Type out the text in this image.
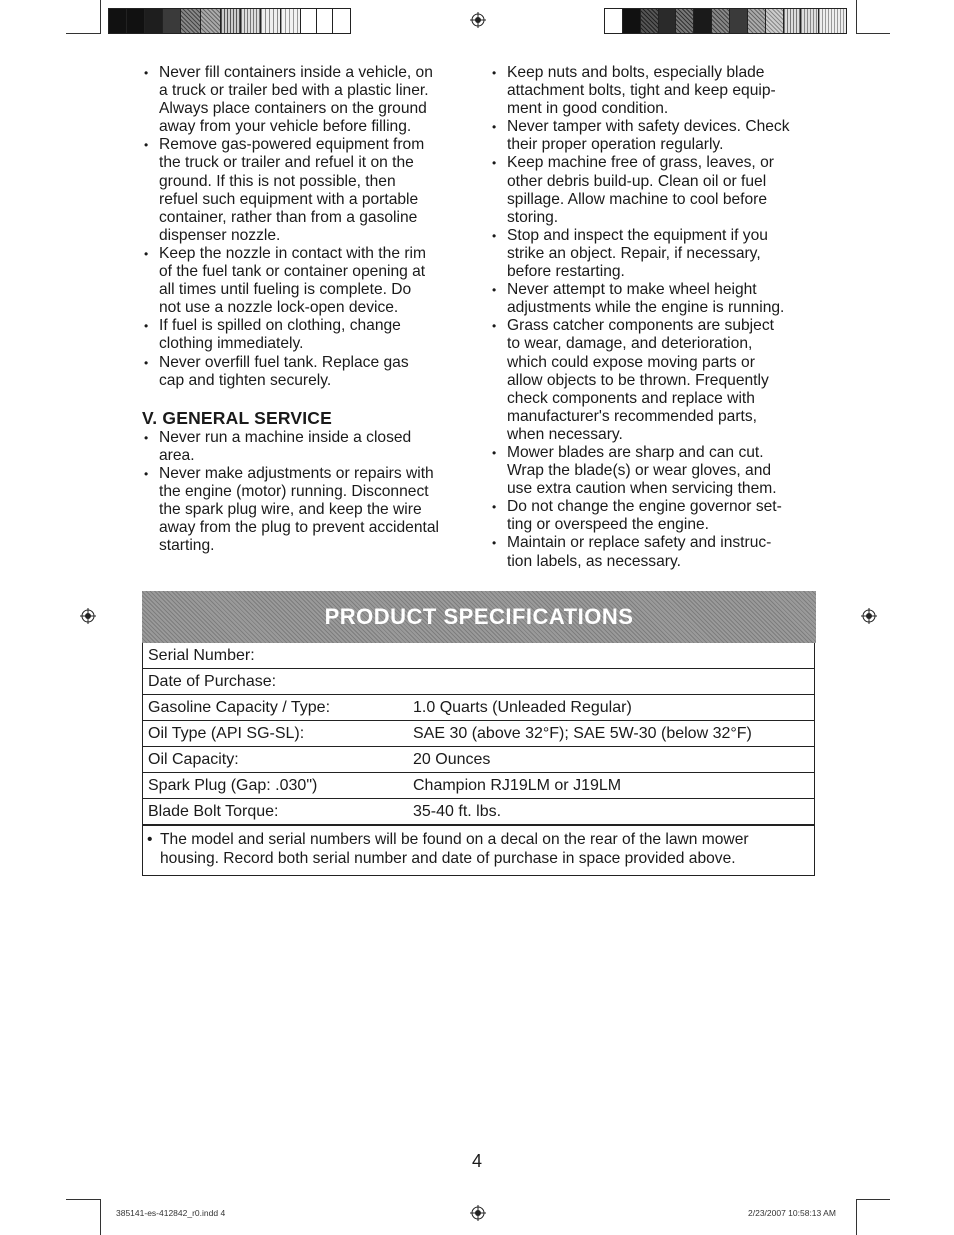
• Never fill containers inside a vehicle, on
a truck or trailer bed with a plastic liner.
Always place containers on the ground
away from your vehicle before filling.
• Remove gas-powered equipment from
the truck or trailer and refuel it on the
ground. If this is not possible, then
refuel such equipment with a portable
container, rather than from a gasoline
dispenser nozzle.
• Keep the nozzle in contact with the rim
of the fuel tank or container opening at
all times until fueling is complete. Do
not use a nozzle lock-open device.
• If fuel is spilled on clothing, change
clothing immediately.
• Never overfill fuel tank. Replace gas
cap and tighten securely.
V. GENERAL SERVICE
• Never run a machine inside a closed
area.
• Never make adjustments or repairs with
the engine (motor) running. Disconnect
the spark plug wire, and keep the wire
away from the plug to prevent accidental
starting.
• Keep nuts and bolts, especially blade
attachment bolts, tight and keep equip-
ment in good condition.
• Never tamper with safety devices. Check
their proper operation regularly.
• Keep machine free of grass, leaves, or
other debris build-up. Clean oil or fuel
spillage. Allow machine to cool before
storing.
• Stop and inspect the equipment if you
strike an object. Repair, if necessary,
before restarting.
• Never attempt to make wheel height
adjustments while the engine is running.
• Grass catcher components are subject
to wear, damage, and deterioration,
which could expose moving parts or
allow objects to be thrown. Frequently
check components and replace with
manufacturer's recommended parts,
when necessary.
• Mower blades are sharp and can cut.
Wrap the blade(s) or wear gloves, and
use extra caution when servicing them.
• Do not change the engine governor set-
ting or overspeed the engine.
• Maintain or replace safety and instruc-
tion labels, as necessary.
PRODUCT SPECIFICATIONS
Serial Number:
Date of Purchase:
Gasoline Capacity / Type:	1.0 Quarts (Unleaded Regular)
Oil Type (API SG-SL):	SAE 30 (above 32°F); SAE 5W-30 (below 32°F)
Oil Capacity:	20 Ounces
Spark Plug (Gap: .030")	Champion RJ19LM or J19LM
Blade Bolt Torque:	35-40 ft. lbs.
• The model and serial numbers will be found on a decal on the rear of the lawn mower
housing. Record both serial number and date of purchase in space provided above.
4
385141-es-412842_r0.indd 4	2/23/2007 10:58:13 AM
